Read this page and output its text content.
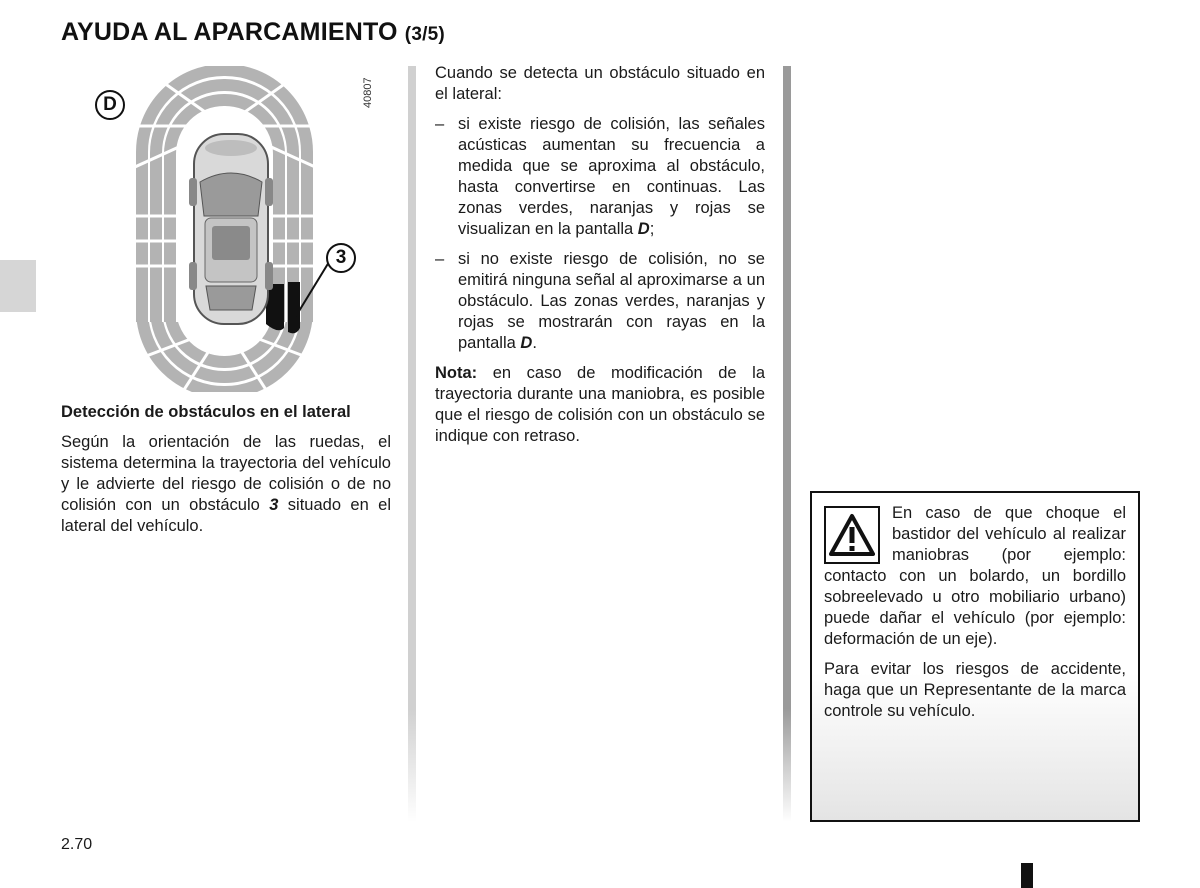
AYUDA AL APARCAMIENTO (3/5)
D
3
40807
Detección de obstáculos en el lateral

Según la orientación de las ruedas, el sistema determina la trayectoria del vehículo y le advierte del riesgo de colisión o de no colisión con un obstáculo 3 situado en el lateral del vehículo.

Cuando se detecta un obstáculo situado en el lateral:

– si existe riesgo de colisión, las señales acústicas aumentan su frecuencia a medida que se aproxima al obstáculo, hasta convertirse en continuas. Las zonas verdes, naranjas y rojas se visualizan en la pantalla D;
– si no existe riesgo de colisión, no se emitirá ninguna señal al aproximarse a un obstáculo. Las zonas verdes, naranjas y rojas se mostrarán con rayas en la pantalla D.

Nota: en caso de modificación de la trayectoria durante una maniobra, es posible que el riesgo de colisión con un obstáculo se indique con retraso.

En caso de que choque el bastidor del vehículo al realizar maniobras (por ejemplo: contacto con un bolardo, un bordillo sobreelevado u otro mobiliario urbano) puede dañar el vehículo (por ejemplo: deformación de un eje).

Para evitar los riesgos de accidente, haga que un Representante de la marca controle su vehículo.

2.70
